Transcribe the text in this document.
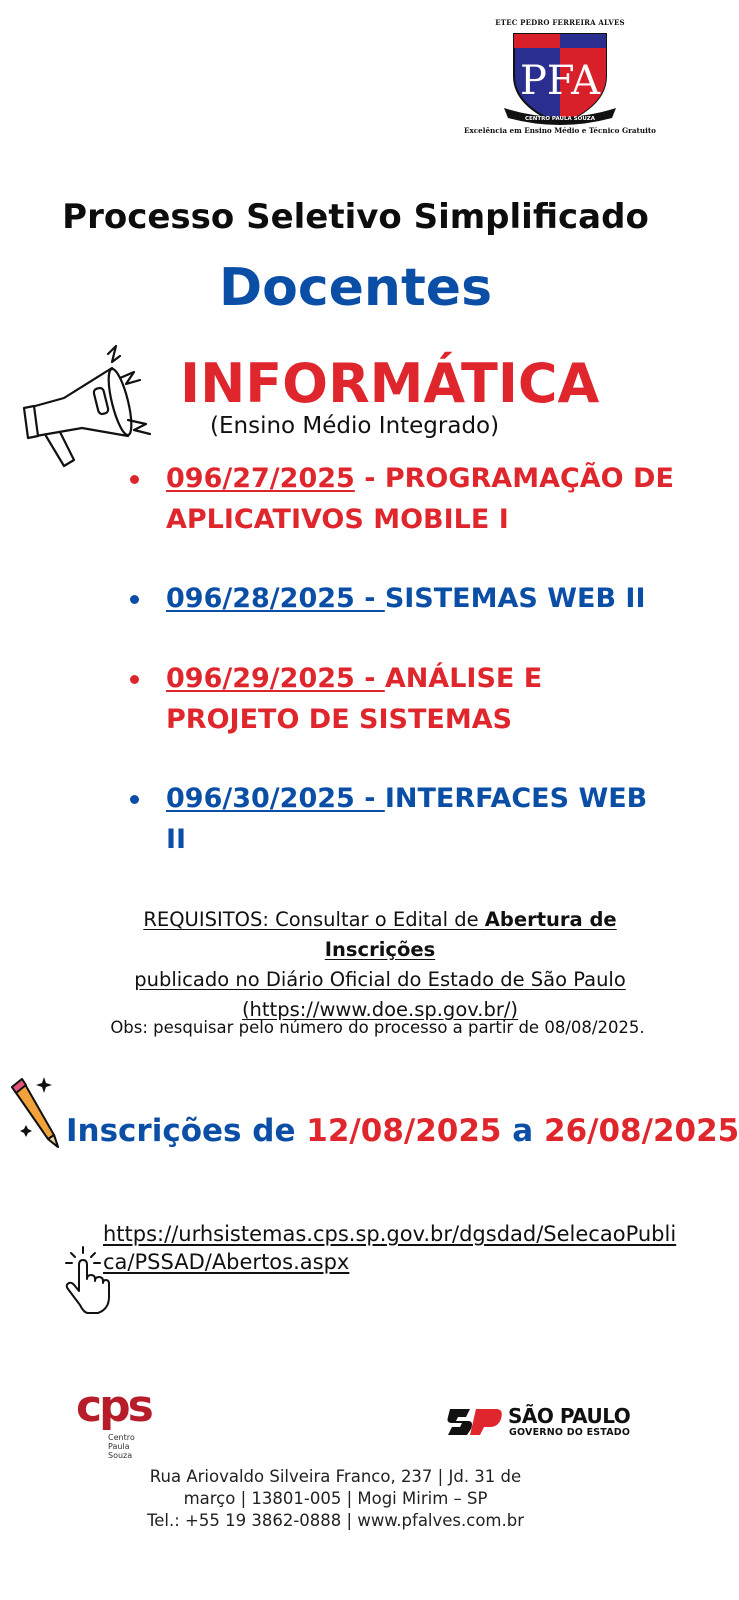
ETEC PEDRO FERREIRA ALVES
PFA
CENTRO PAULA SOUZA
Excelência em Ensino Médio e Técnico Gratuito
Processo Seletivo Simplificado
Docentes
INFORMÁTICA
(Ensino Médio Integrado)
096/27/2025 - PROGRAMAÇÃO DE APLICATIVOS MOBILE I
096/28/2025 - SISTEMAS WEB II
096/29/2025 - ANÁLISE E PROJETO DE SISTEMAS
096/30/2025 - INTERFACES WEB II
REQUISITOS: Consultar o Edital de Abertura de Inscrições
publicado no Diário Oficial do Estado de São Paulo
(https://www.doe.sp.gov.br/)
Obs: pesquisar pelo número do processo a partir de 08/08/2025.
Inscrições de 12/08/2025 a 26/08/2025
https://urhsistemas.cps.sp.gov.br/dgsdad/SelecaoPublica/PSSAD/Abertos.aspx
cps
Centro Paula Souza
SÃO PAULO
GOVERNO DO ESTADO
Rua Ariovaldo Silveira Franco, 237 | Jd. 31 de
março | 13801-005 | Mogi Mirim – SP
Tel.: +55 19 3862-0888 | www.pfalves.com.br
